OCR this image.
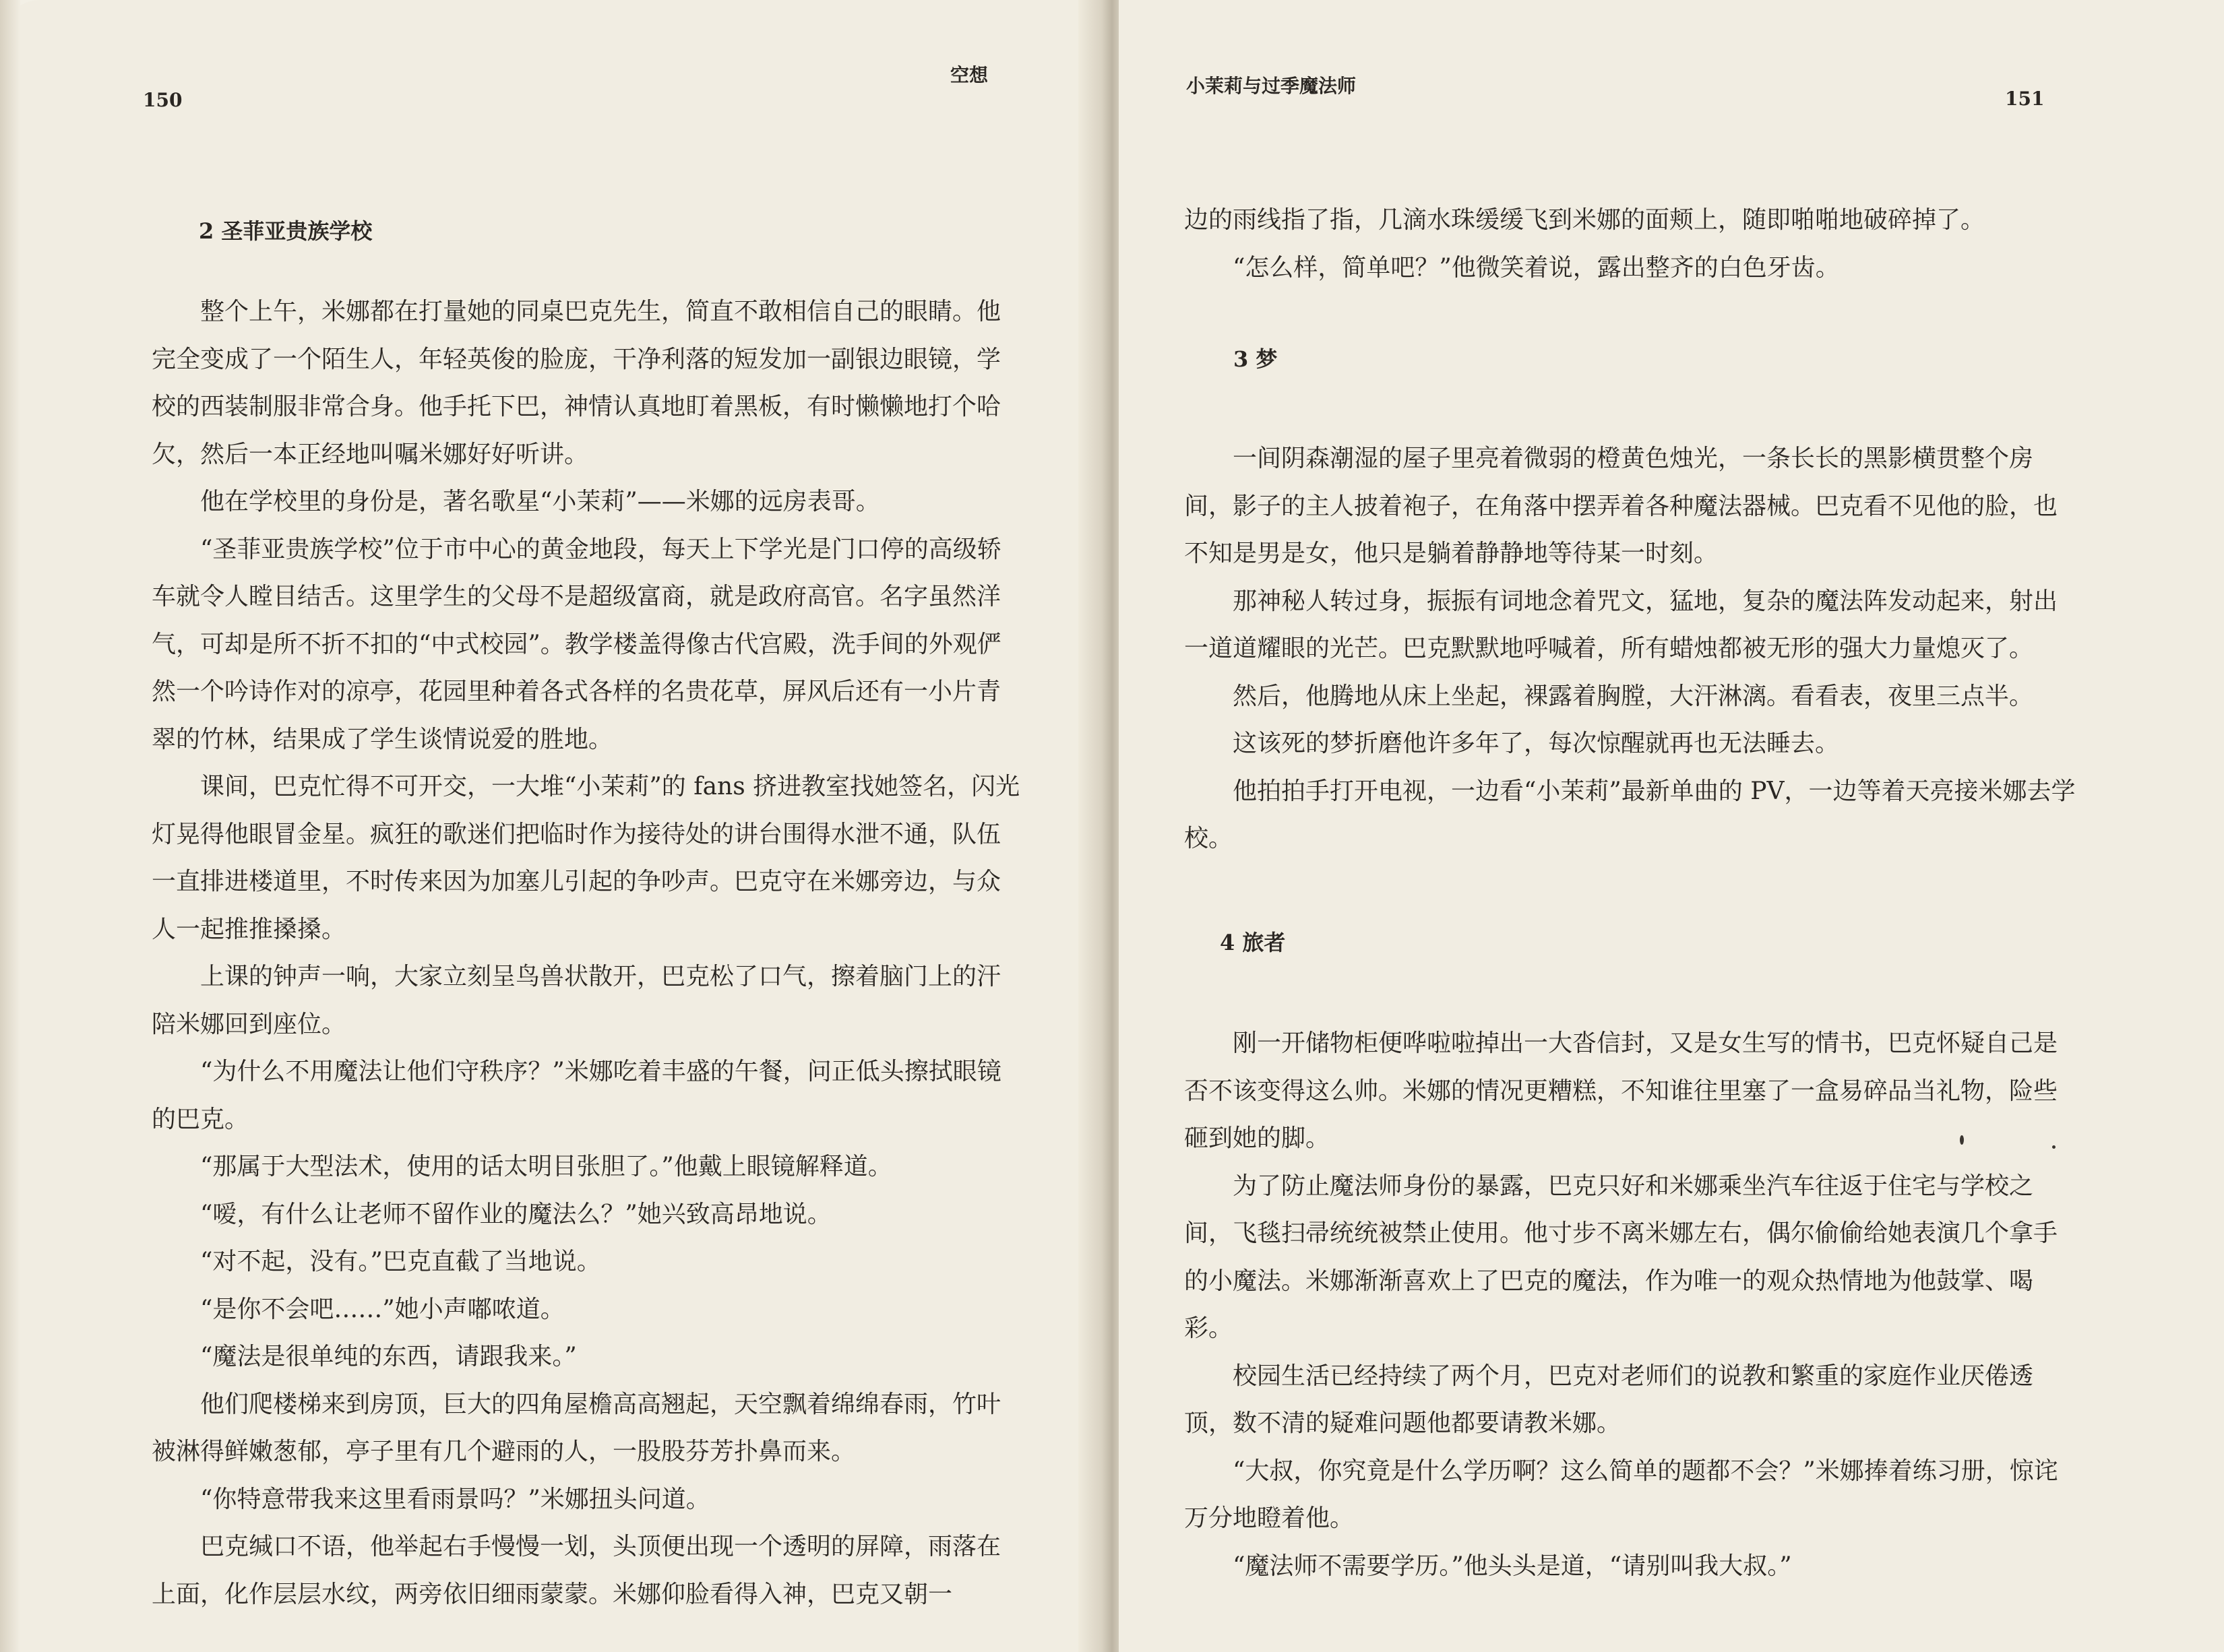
150
空想
2 圣菲亚贵族学校

整个上午，米娜都在打量她的同桌巴克先生，简直不敢相信自己的眼睛。他完全变成了一个陌生人，年轻英俊的脸庞，干净利落的短发加一副银边眼镜，学校的西装制服非常合身。他手托下巴，神情认真地盯着黑板，有时懒懒地打个哈欠，然后一本正经地叫嘱米娜好好听讲。

他在学校里的身份是，著名歌星“小茉莉”——米娜的远房表哥。

“圣菲亚贵族学校”位于市中心的黄金地段，每天上下学光是门口停的高级轿车就令人瞠目结舌。这里学生的父母不是超级富商，就是政府高官。名字虽然洋气，可却是所不折不扣的“中式校园”。教学楼盖得像古代宫殿，洗手间的外观俨然一个吟诗作对的凉亭，花园里种着各式各样的名贵花草，屏风后还有一小片青翠的竹林，结果成了学生谈情说爱的胜地。

课间，巴克忙得不可开交，一大堆“小茉莉”的 fans 挤进教室找她签名，闪光灯晃得他眼冒金星。疯狂的歌迷们把临时作为接待处的讲台围得水泄不通，队伍一直排进楼道里，不时传来因为加塞儿引起的争吵声。巴克守在米娜旁边，与众人一起推推搡搡。

上课的钟声一响，大家立刻呈鸟兽状散开，巴克松了口气，擦着脑门上的汗陪米娜回到座位。

“为什么不用魔法让他们守秩序？”米娜吃着丰盛的午餐，问正低头擦拭眼镜的巴克。

“那属于大型法术，使用的话太明目张胆了。”他戴上眼镜解释道。

“嗳，有什么让老师不留作业的魔法么？”她兴致高昂地说。

“对不起，没有。”巴克直截了当地说。

“是你不会吧……”她小声嘟哝道。

“魔法是很单纯的东西，请跟我来。”

他们爬楼梯来到房顶，巨大的四角屋檐高高翘起，天空飘着绵绵春雨，竹叶被淋得鲜嫩葱郁，亭子里有几个避雨的人，一股股芬芳扑鼻而来。

“你特意带我来这里看雨景吗？”米娜扭头问道。

巴克缄口不语，他举起右手慢慢一划，头顶便出现一个透明的屏障，雨落在上面，化作层层水纹，两旁依旧细雨蒙蒙。米娜仰脸看得入神，巴克又朝一

小茉莉与过季魔法师
151

边的雨线指了指，几滴水珠缓缓飞到米娜的面颊上，随即啪啪地破碎掉了。

“怎么样，简单吧？”他微笑着说，露出整齐的白色牙齿。

3 梦

一间阴森潮湿的屋子里亮着微弱的橙黄色烛光，一条长长的黑影横贯整个房间，影子的主人披着袍子，在角落中摆弄着各种魔法器械。巴克看不见他的脸，也不知是男是女，他只是躺着静静地等待某一时刻。

那神秘人转过身，振振有词地念着咒文，猛地，复杂的魔法阵发动起来，射出一道道耀眼的光芒。巴克默默地呼喊着，所有蜡烛都被无形的强大力量熄灭了。

然后，他腾地从床上坐起，裸露着胸膛，大汗淋漓。看看表，夜里三点半。

这该死的梦折磨他许多年了，每次惊醒就再也无法睡去。

他拍拍手打开电视，一边看“小茉莉”最新单曲的 PV，一边等着天亮接米娜去学校。

4 旅者

刚一开储物柜便哗啦啦掉出一大沓信封，又是女生写的情书，巴克怀疑自己是否不该变得这么帅。米娜的情况更糟糕，不知谁往里塞了一盒易碎品当礼物，险些砸到她的脚。

为了防止魔法师身份的暴露，巴克只好和米娜乘坐汽车往返于住宅与学校之间，飞毯扫帚统统被禁止使用。他寸步不离米娜左右，偶尔偷偷给她表演几个拿手的小魔法。米娜渐渐喜欢上了巴克的魔法，作为唯一的观众热情地为他鼓掌、喝彩。

校园生活已经持续了两个月，巴克对老师们的说教和繁重的家庭作业厌倦透顶，数不清的疑难问题他都要请教米娜。

“大叔，你究竟是什么学历啊？这么简单的题都不会？”米娜捧着练习册，惊诧万分地瞪着他。

“魔法师不需要学历。”他头头是道，“请别叫我大叔。”
